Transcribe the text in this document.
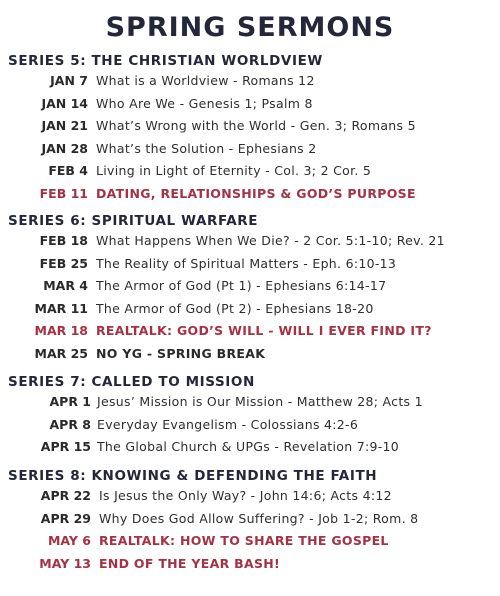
SPRING SERMONS
SERIES 5: THE CHRISTIAN WORLDVIEW
JAN 7 What is a Worldview - Romans 12
JAN 14 Who Are We - Genesis 1; Psalm 8
JAN 21 What’s Wrong with the World - Gen. 3; Romans 5
JAN 28 What’s the Solution - Ephesians 2
FEB 4 Living in Light of Eternity - Col. 3; 2 Cor. 5
FEB 11 DATING, RELATIONSHIPS & GOD’S PURPOSE
SERIES 6: SPIRITUAL WARFARE
FEB 18 What Happens When We Die? - 2 Cor. 5:1-10; Rev. 21
FEB 25 The Reality of Spiritual Matters - Eph. 6:10-13
MAR 4 The Armor of God (Pt 1) - Ephesians 6:14-17
MAR 11 The Armor of God (Pt 2) - Ephesians 18-20
MAR 18 REALTALK: GOD’S WILL - WILL I EVER FIND IT?
MAR 25 NO YG - SPRING BREAK
SERIES 7: CALLED TO MISSION
APR 1 Jesus’ Mission is Our Mission - Matthew 28; Acts 1
APR 8 Everyday Evangelism - Colossians 4:2-6
APR 15 The Global Church & UPGs - Revelation 7:9-10
SERIES 8: KNOWING & DEFENDING THE FAITH
APR 22 Is Jesus the Only Way? - John 14:6; Acts 4:12
APR 29 Why Does God Allow Suffering? - Job 1-2; Rom. 8
MAY 6 REALTALK: HOW TO SHARE THE GOSPEL
MAY 13 END OF THE YEAR BASH!
